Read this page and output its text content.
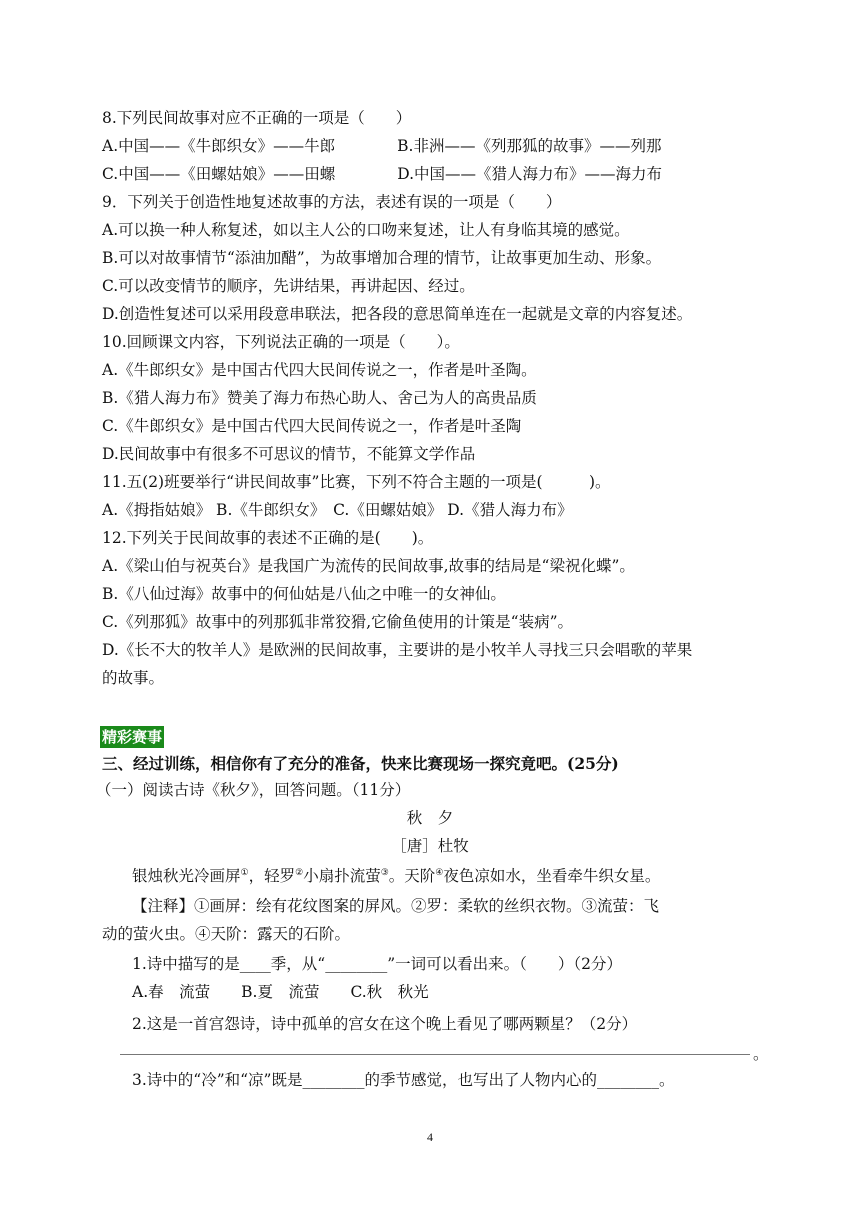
8.下列民间故事对应不正确的一项是（　　）
A.中国——《牛郎织女》——牛郎　　　　B.非洲——《列那狐的故事》——列那
C.中国——《田螺姑娘》——田螺　　　　D.中国——《猎人海力布》——海力布
9．下列关于创造性地复述故事的方法，表述有误的一项是（　　）
A.可以换一种人称复述，如以主人公的口吻来复述，让人有身临其境的感觉。
B.可以对故事情节“添油加醋”，为故事增加合理的情节，让故事更加生动、形象。
C.可以改变情节的顺序，先讲结果，再讲起因、经过。
D.创造性复述可以采用段意串联法，把各段的意思简单连在一起就是文章的内容复述。
10.回顾课文内容，下列说法正确的一项是（　　）。
A.《牛郎织女》是中国古代四大民间传说之一，作者是叶圣陶。
B.《猎人海力布》赞美了海力布热心助人、舍己为人的高贵品质
C.《牛郎织女》是中国古代四大民间传说之一，作者是叶圣陶
D.民间故事中有很多不可思议的情节，不能算文学作品
11.五(2)班要举行“讲民间故事”比赛，下列不符合主题的一项是(　　　)。
A.《拇指姑娘》 B.《牛郎织女》　C.《田螺姑娘》 D.《猎人海力布》
12.下列关于民间故事的表述不正确的是(　　)。
A.《梁山伯与祝英台》是我国广为流传的民间故事,故事的结局是“梁祝化蝶”。
B.《八仙过海》故事中的何仙姑是八仙之中唯一的女神仙。
C.《列那狐》故事中的列那狐非常狡猾,它偷鱼使用的计策是“装病”。
D.《长不大的牧羊人》是欧洲的民间故事，主要讲的是小牧羊人寻找三只会唱歌的苹果
的故事。
精彩赛事
三、经过训练，相信你有了充分的准备，快来比赛现场一探究竟吧。(25分)
（一）阅读古诗《秋夕》，回答问题。（11分）
秋　夕
［唐］杜牧
银烛秋光冷画屏①，轻罗②小扇扑流萤③。天阶④夜色凉如水，坐看牵牛织女星。
【注释】①画屏：绘有花纹图案的屏风。②罗：柔软的丝织衣物。③流萤：飞
动的萤火虫。④天阶：露天的石阶。
1.诗中描写的是____季，从“________”一词可以看出来。（　　）（2分）
A.春　流萤　　B.夏　流萤　　C.秋　秋光
2.这是一首宫怨诗，诗中孤单的宫女在这个晚上看见了哪两颗星？（2分）
。
3.诗中的“冷”和“凉”既是________的季节感觉，也写出了人物内心的________。
4
